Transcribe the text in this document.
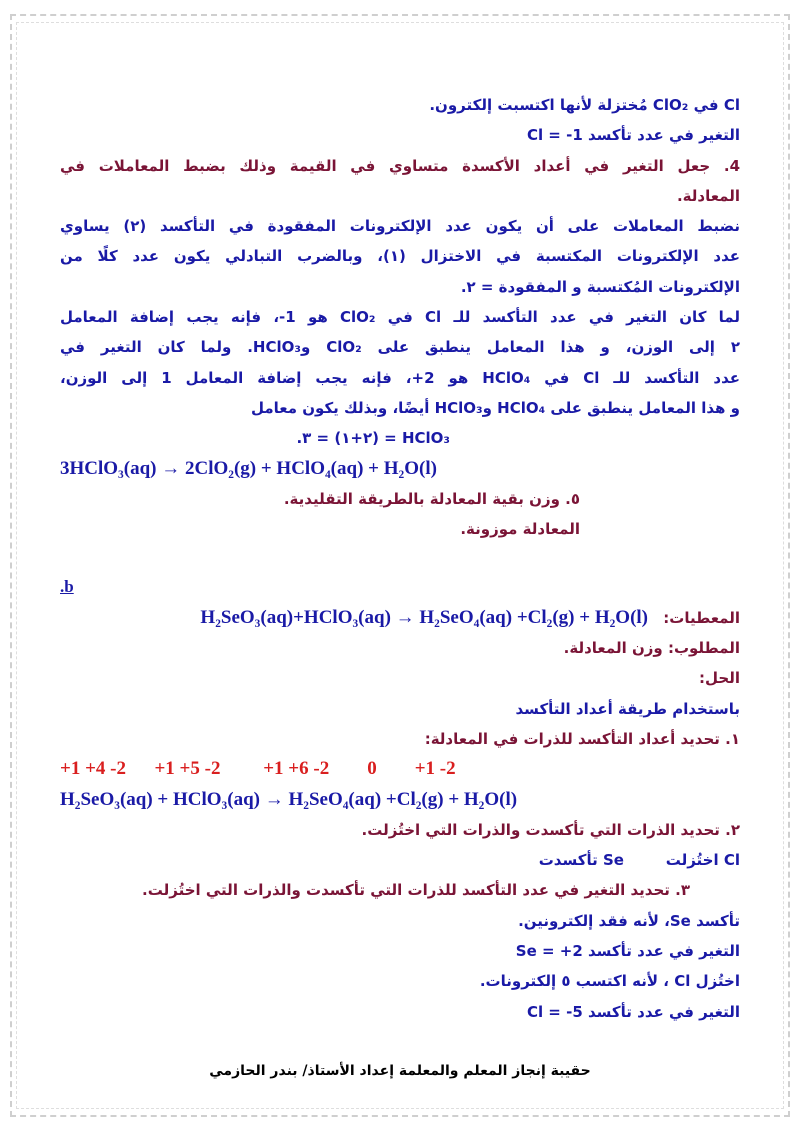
Cl في ClO₂ مُختزلة لأنها اكتسبت إلكترون.
التغير في عدد تأكسد Cl = -1
4. جعل التغير في أعداد الأكسدة متساوي في القيمة وذلك بضبط المعاملات في
المعادلة.
نضبط المعاملات على أن يكون عدد الإلكترونات المفقودة في التأكسد (٢) يساوي
عدد الإلكترونات المكتسبة في الاختزال (١)، وبالضرب التبادلي يكون عدد كلًا من
الإلكترونات المُكتسبة و المفقودة = ٢.
لما كان التغير في عدد التأكسد للـ Cl في ClO₂ هو 1-، فإنه يجب إضافة المعامل
٢ إلى الوزن، و هذا المعامل ينطبق على ClO₂ وHClO₃. ولما كان التغير في
عدد التأكسد للـ Cl في HClO₄ هو 2+، فإنه يجب إضافة المعامل 1 إلى الوزن،
و هذا المعامل ينطبق على HClO₄ وHClO₃ أيضًا، وبذلك يكون معامل
HClO₃ = (٢+١) = ٣.
3HClO₃(aq) → 2ClO₂(g) + HClO₄(aq) + H₂O(l)
٥. وزن بقية المعادلة بالطريقة التقليدية.
المعادلة موزونة.
.b
المعطيات: H₂SeO₃(aq)+HClO₃(aq) → H₂SeO₄(aq) +Cl₂(g) + H₂O(l)
المطلوب: وزن المعادلة.
الحل:
باستخدام طريقة أعداد التأكسد
١. تحديد أعداد التأكسد للذرات في المعادلة:
+1 +4 -2      +1 +5 -2         +1 +6 -2        0        +1 -2
H₂SeO₃(aq) + HClO₃(aq) → H₂SeO₄(aq) +Cl₂(g) + H₂O(l)
٢. تحديد الذرات التي تأكسدت والذرات التي اختُزلت.
Cl اختُزلت        Se تأكسدت
٣. تحديد التغير في عدد التأكسد للذرات التي تأكسدت والذرات التي اختُزلت.
تأكسد Se، لأنه فقد إلكترونين.
التغير في عدد تأكسد Se = +2
اختُزل Cl ، لأنه اكتسب ٥ إلكترونات.
التغير في عدد تأكسد Cl = -5
حقيبة إنجاز المعلم والمعلمة إعداد الأستاذ/ بندر الحازمي
